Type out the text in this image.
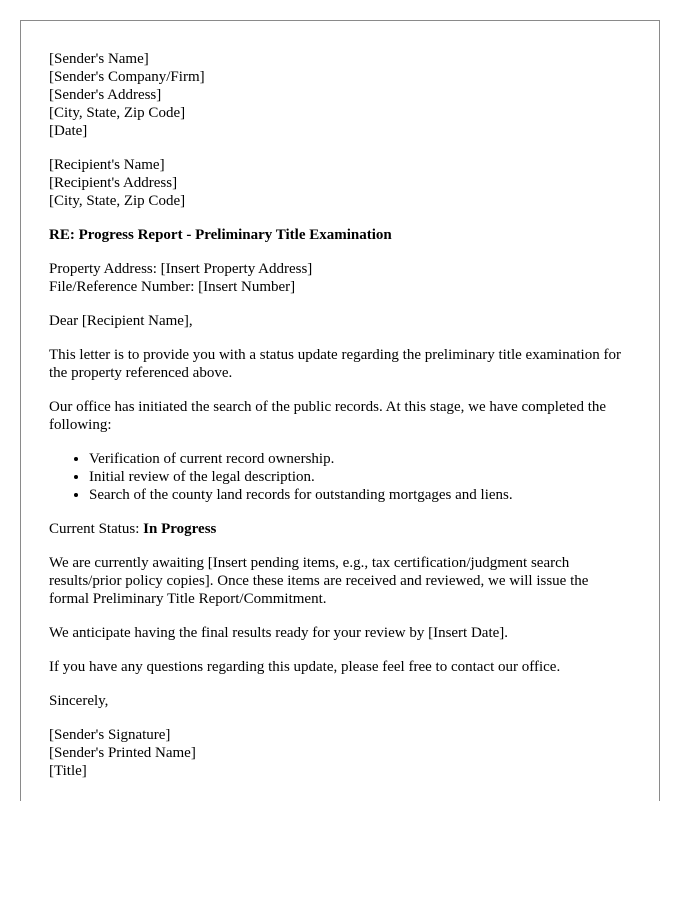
[Sender's Name]
[Sender's Company/Firm]
[Sender's Address]
[City, State, Zip Code]
[Date]
[Recipient's Name]
[Recipient's Address]
[City, State, Zip Code]

RE: Progress Report - Preliminary Title Examination

Property Address: [Insert Property Address]
File/Reference Number: [Insert Number]

Dear [Recipient Name],

This letter is to provide you with a status update regarding the preliminary title examination for the property referenced above.

Our office has initiated the search of the public records. At this stage, we have completed the following:

• Verification of current record ownership.
• Initial review of the legal description.
• Search of the county land records for outstanding mortgages and liens.

Current Status: In Progress

We are currently awaiting [Insert pending items, e.g., tax certification/judgment search results/prior policy copies]. Once these items are received and reviewed, we will issue the formal Preliminary Title Report/Commitment.

We anticipate having the final results ready for your review by [Insert Date].

If you have any questions regarding this update, please feel free to contact our office.

Sincerely,

[Sender's Signature]
[Sender's Printed Name]
[Title]
